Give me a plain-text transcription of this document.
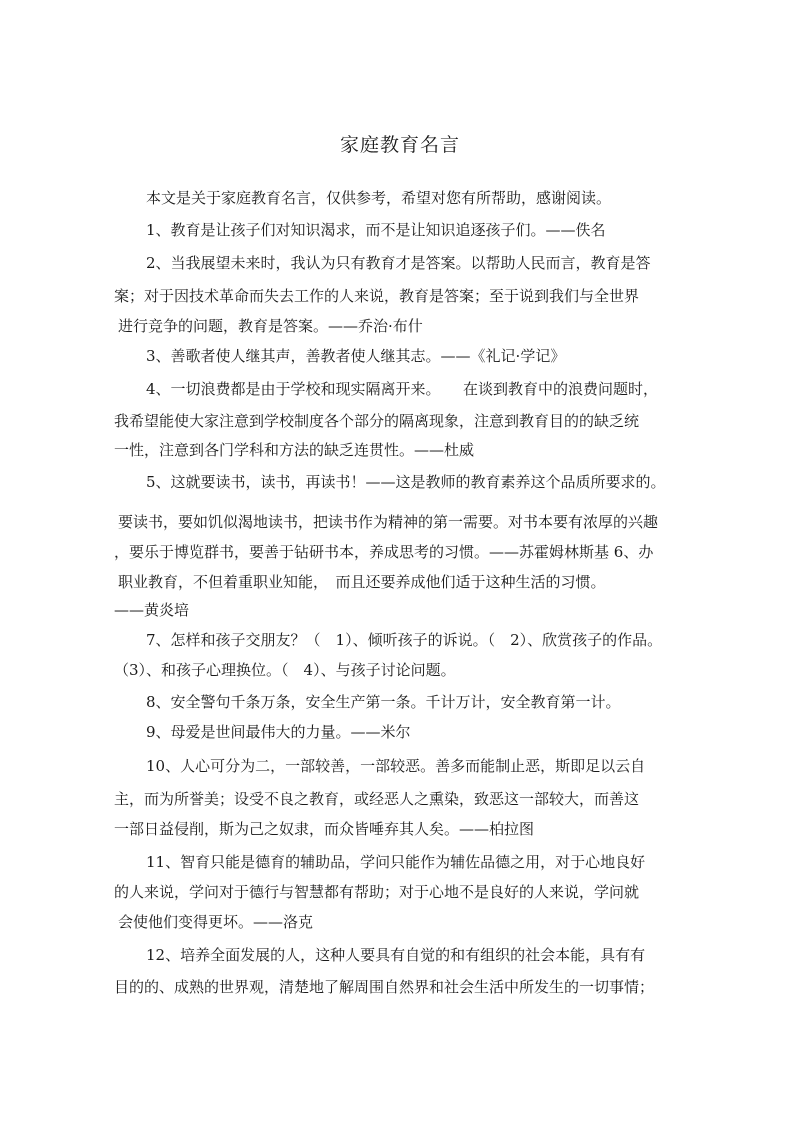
家庭教育名言
本文是关于家庭教育名言，仅供参考，希望对您有所帮助，感谢阅读。
1、教育是让孩子们对知识渴求，而不是让知识追逐孩子们。——佚名
2、当我展望未来时，我认为只有教育才是答案。以帮助人民而言，教育是答
案；对于因技术革命而失去工作的人来说，教育是答案；至于说到我们与全世界
进行竞争的问题，教育是答案。——乔治·布什
3、善歌者使人继其声，善教者使人继其志。——《礼记·学记》
4、一切浪费都是由于学校和现实隔离开来。　　在谈到教育中的浪费问题时，
我希望能使大家注意到学校制度各个部分的隔离现象，注意到教育目的的缺乏统
一性，注意到各门学科和方法的缺乏连贯性。——杜威
5、这就要读书，读书，再读书！——这是教师的教育素养这个品质所要求的。
要读书，要如饥似渴地读书，把读书作为精神的第一需要。对书本要有浓厚的兴趣
，要乐于博览群书，要善于钻研书本，养成思考的习惯。——苏霍姆林斯基 6、办
职业教育，不但着重职业知能，　而且还要养成他们适于这种生活的习惯。
——黄炎培
7、怎样和孩子交朋友？（　1）、倾听孩子的诉说。（　2）、欣赏孩子的作品。
（3）、和孩子心理换位。（　4）、与孩子讨论问题。
8、安全警句千条万条，安全生产第一条。千计万计，安全教育第一计。
9、母爱是世间最伟大的力量。——米尔
10、人心可分为二，一部较善，一部较恶。善多而能制止恶，斯即足以云自
主，而为所誉美；设受不良之教育，或经恶人之熏染，致恶这一部较大，而善这
一部日益侵削，斯为己之奴隶，而众皆唾弃其人矣。——柏拉图
11、智育只能是德育的辅助品，学问只能作为辅佐品德之用，对于心地良好
的人来说，学问对于德行与智慧都有帮助；对于心地不是良好的人来说，学问就
会使他们变得更坏。——洛克
12、培养全面发展的人，这种人要具有自觉的和有组织的社会本能，具有有
目的的、成熟的世界观，清楚地了解周围自然界和社会生活中所发生的一切事情；
